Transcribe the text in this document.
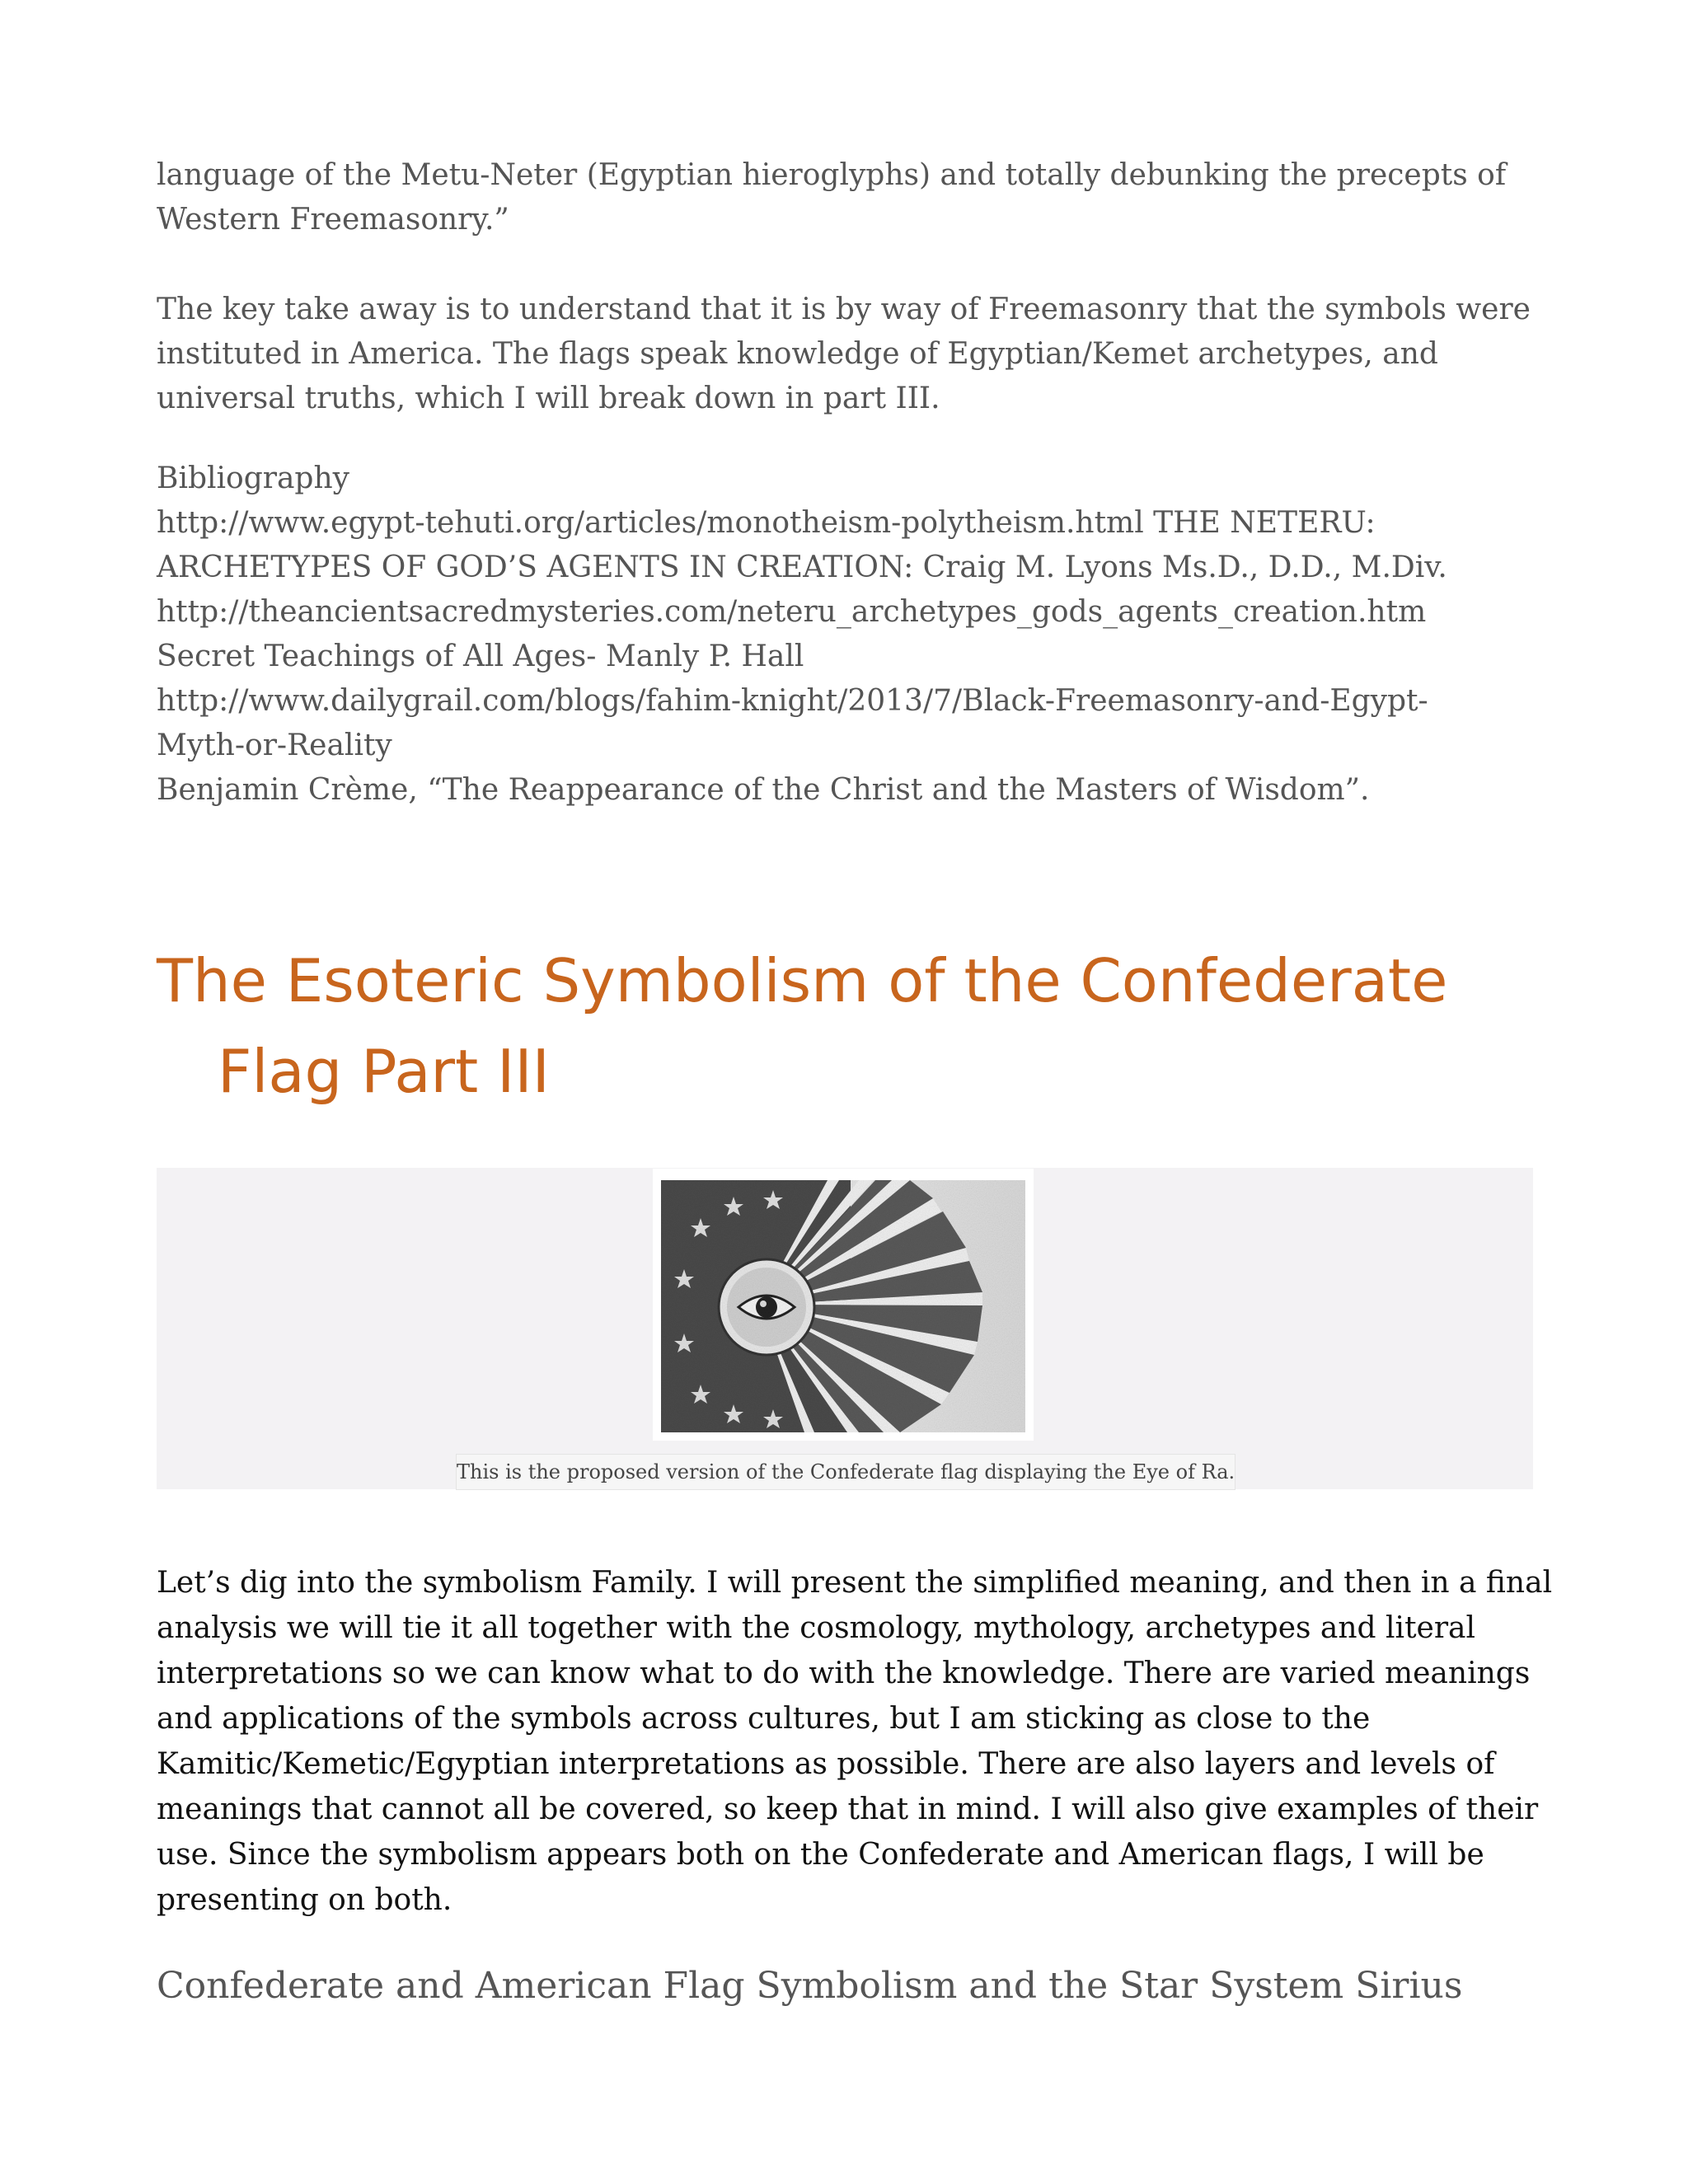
language of the Metu-Neter (Egyptian hieroglyphs) and totally debunking the precepts of
Western Freemasonry.”

The key take away is to understand that it is by way of Freemasonry that the symbols were
instituted in America. The flags speak knowledge of Egyptian/Kemet archetypes, and
universal truths, which I will break down in part III.

Bibliography
http://www.egypt-tehuti.org/articles/monotheism-polytheism.html THE NETERU:
ARCHETYPES OF GOD’S AGENTS IN CREATION: Craig M. Lyons Ms.D., D.D., M.Div.
http://theancientsacredmysteries.com/neteru_archetypes_gods_agents_creation.htm
Secret Teachings of All Ages- Manly P. Hall
http://www.dailygrail.com/blogs/fahim-knight/2013/7/Black-Freemasonry-and-Egypt-
Myth-or-Reality
Benjamin Crème, “The Reappearance of the Christ and the Masters of Wisdom”.

The Esoteric Symbolism of the Confederate
Flag Part III
This is the proposed version of the Confederate flag displaying the Eye of Ra.

Let’s dig into the symbolism Family. I will present the simplified meaning, and then in a final
analysis we will tie it all together with the cosmology, mythology, archetypes and literal
interpretations so we can know what to do with the knowledge. There are varied meanings
and applications of the symbols across cultures, but I am sticking as close to the
Kamitic/Kemetic/Egyptian interpretations as possible. There are also layers and levels of
meanings that cannot all be covered, so keep that in mind. I will also give examples of their
use. Since the symbolism appears both on the Confederate and American flags, I will be
presenting on both.

Confederate and American Flag Symbolism and the Star System Sirius
